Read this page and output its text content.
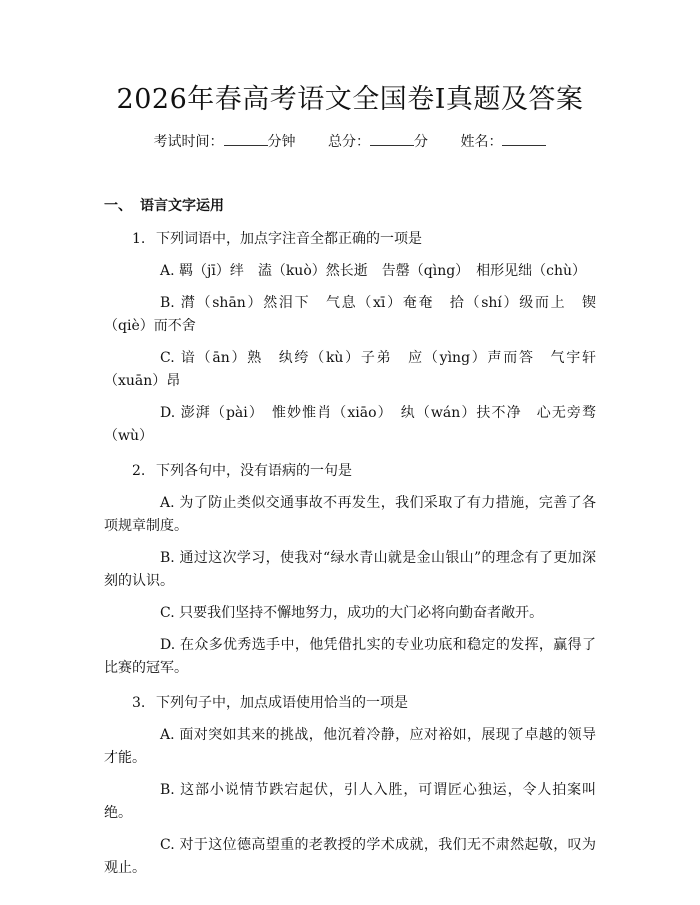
2026年春高考语文全国卷I真题及答案
考试时间：	分钟 总分：	分 姓名：
一、 语言文字运用
1. 下列词语中，加点字注音全都正确的一项是
A. 羁（jī）绊　溘（kuò）然长逝　告罄（qìng）　相形见绌（chù）
B. 潸（shān）然泪下　气息（xī）奄奄　拾（shí）级而上　锲（qiè）而不舍
C. 谙（ān）熟　纨绔（kù）子弟　应（yìng）声而答　气宇轩（xuān）昂
D. 澎湃（pài）　惟妙惟肖（xiāo）　纨（wán）扶不净　心无旁骛（wù）
2. 下列各句中，没有语病的一句是
A. 为了防止类似交通事故不再发生，我们采取了有力措施，完善了各项规章制度。
B. 通过这次学习，使我对“绿水青山就是金山银山”的理念有了更加深刻的认识。
C. 只要我们坚持不懈地努力，成功的大门必将向勤奋者敞开。
D. 在众多优秀选手中，他凭借扎实的专业功底和稳定的发挥，赢得了比赛的冠军。
3. 下列句子中，加点成语使用恰当的一项是
A. 面对突如其来的挑战，他沉着冷静，应对裕如，展现了卓越的领导才能。
B. 这部小说情节跌宕起伏，引人入胜，可谓匠心独运，令人拍案叫绝。
C. 对于这位德高望重的老教授的学术成就，我们无不肃然起敬，叹为观止。
